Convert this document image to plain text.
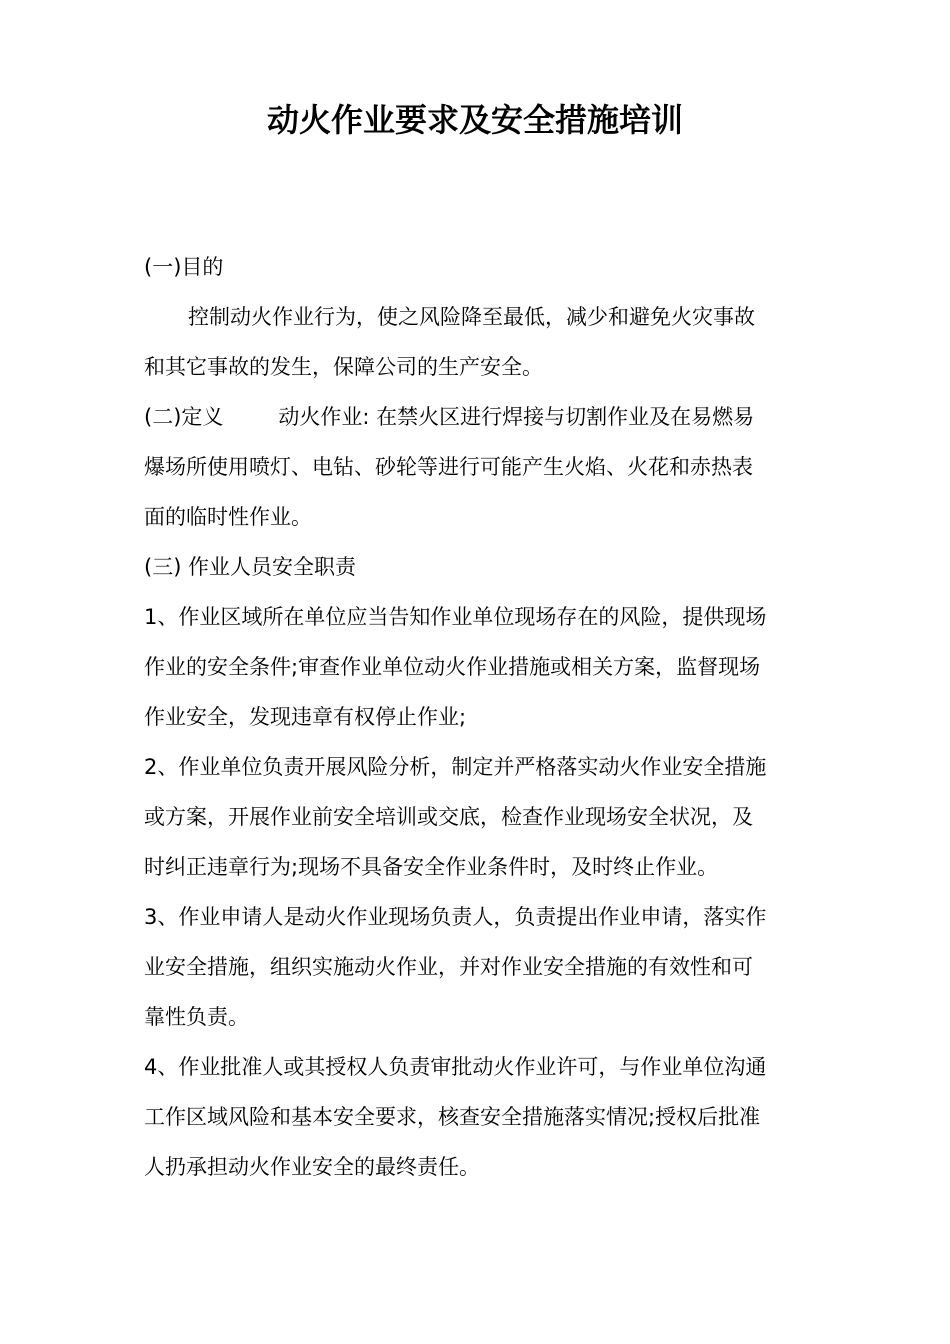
动火作业要求及安全措施培训

(一)目的

控制动火作业行为，使之风险降至最低，减少和避免火灾事故

和其它事故的发生，保障公司的生产安全。

(二)定义	动火作业: 在禁火区进行焊接与切割作业及在易燃易

爆场所使用喷灯、电钻、砂轮等进行可能产生火焰、火花和赤热表

面的临时性作业。

(三) 作业人员安全职责

1、作业区域所在单位应当告知作业单位现场存在的风险，提供现场

作业的安全条件;审查作业单位动火作业措施或相关方案，监督现场

作业安全，发现违章有权停止作业;

2、作业单位负责开展风险分析，制定并严格落实动火作业安全措施

或方案，开展作业前安全培训或交底，检查作业现场安全状况，及

时纠正违章行为;现场不具备安全作业条件时，及时终止作业。

3、作业申请人是动火作业现场负责人，负责提出作业申请，落实作

业安全措施，组织实施动火作业，并对作业安全措施的有效性和可

靠性负责。

4、作业批准人或其授权人负责审批动火作业许可，与作业单位沟通

工作区域风险和基本安全要求，核查安全措施落实情况;授权后批准

人扔承担动火作业安全的最终责任。
